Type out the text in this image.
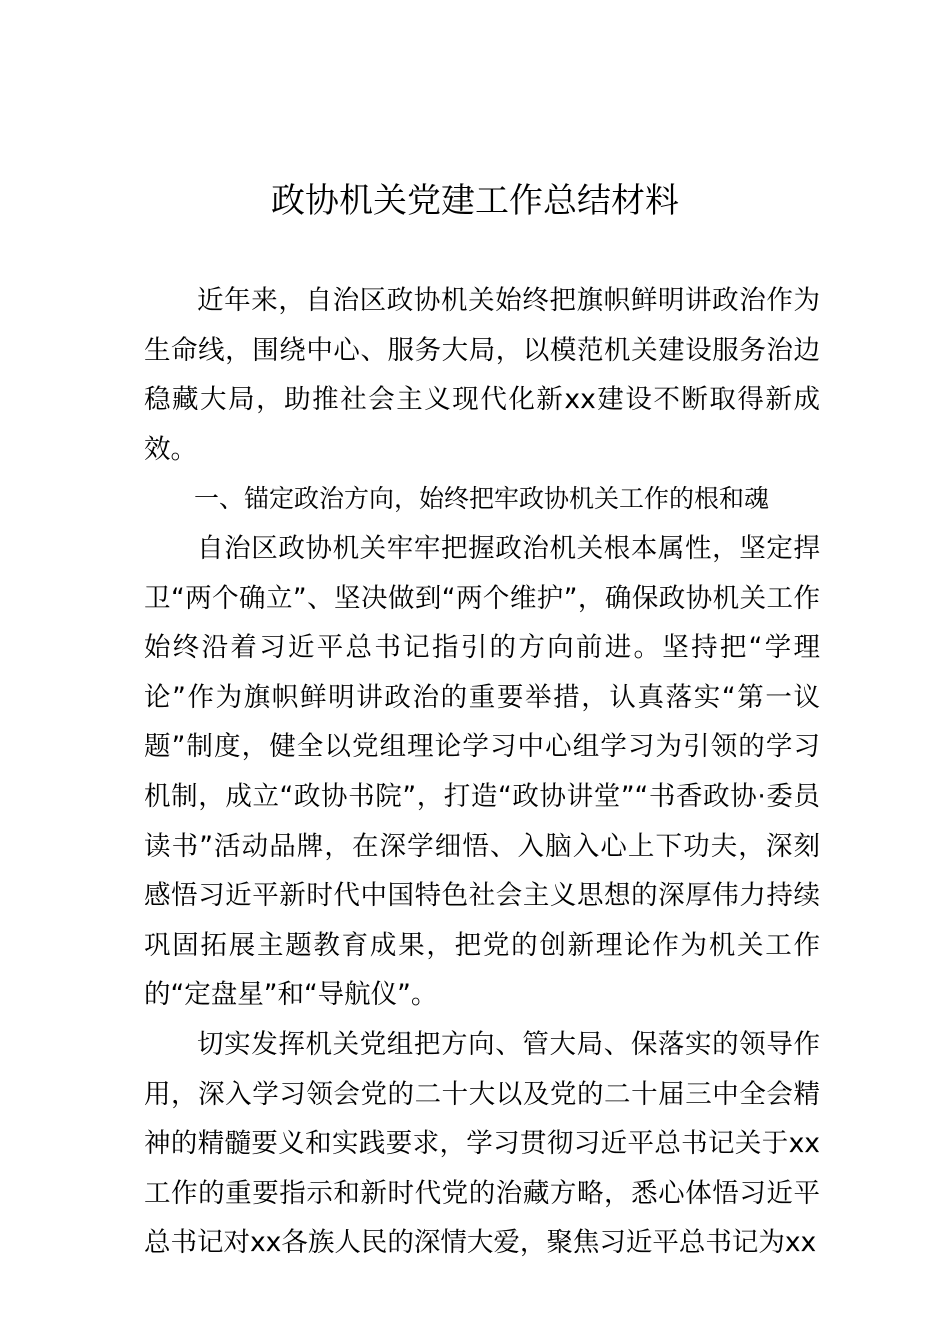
政协机关党建工作总结材料

近年来，自治区政协机关始终把旗帜鲜明讲政治作为生命线，围绕中心、服务大局，以模范机关建设服务治边稳藏大局，助推社会主义现代化新xx建设不断取得新成效。

一、锚定政治方向，始终把牢政协机关工作的根和魂

自治区政协机关牢牢把握政治机关根本属性，坚定捍卫“两个确立”、坚决做到“两个维护”，确保政协机关工作始终沿着习近平总书记指引的方向前进。坚持把“学理论”作为旗帜鲜明讲政治的重要举措，认真落实“第一议题”制度，健全以党组理论学习中心组学习为引领的学习机制，成立“政协书院”，打造“政协讲堂”“书香政协·委员读书”活动品牌，在深学细悟、入脑入心上下功夫，深刻感悟习近平新时代中国特色社会主义思想的深厚伟力持续巩固拓展主题教育成果，把党的创新理论作为机关工作的“定盘星”和“导航仪”。

切实发挥机关党组把方向、管大局、保落实的领导作用，深入学习领会党的二十大以及党的二十届三中全会精神的精髓要义和实践要求，学习贯彻习近平总书记关于xx工作的重要指示和新时代党的治藏方略，悉心体悟习近平总书记对xx各族人民的深情大爱，聚焦习近平总书记为xx
